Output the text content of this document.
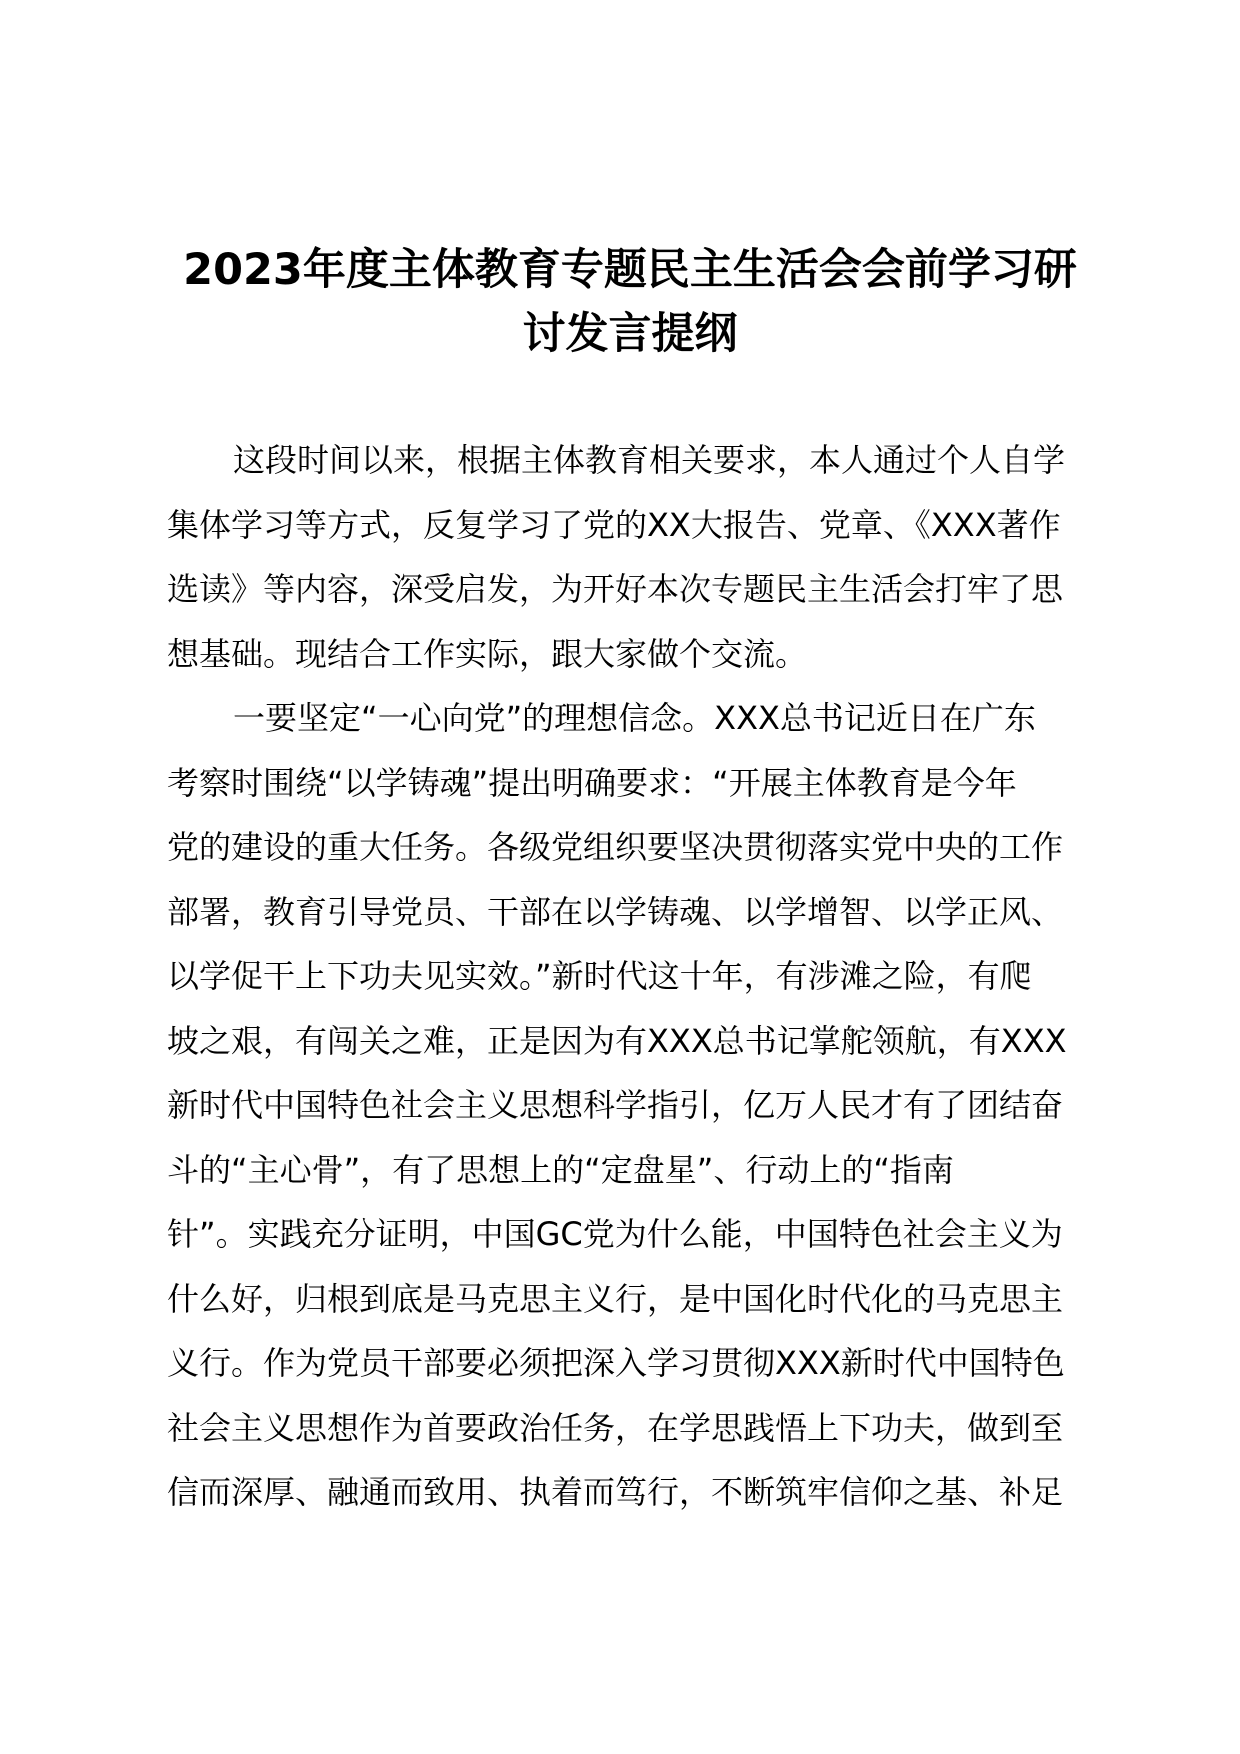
2023年度主体教育专题民主生活会会前学习研
讨发言提纲
这段时间以来，根据主体教育相关要求，本人通过个人自学
集体学习等方式，反复学习了党的XX大报告、党章、《XXX著作
选读》等内容，深受启发，为开好本次专题民主生活会打牢了思
想基础。现结合工作实际，跟大家做个交流。
一要坚定“一心向党”的理想信念。XXX总书记近日在广东
考察时围绕“以学铸魂”提出明确要求：“开展主体教育是今年
党的建设的重大任务。各级党组织要坚决贯彻落实党中央的工作
部署，教育引导党员、干部在以学铸魂、以学增智、以学正风、
以学促干上下功夫见实效。”新时代这十年，有涉滩之险，有爬
坡之艰，有闯关之难，正是因为有XXX总书记掌舵领航，有XXX
新时代中国特色社会主义思想科学指引，亿万人民才有了团结奋
斗的“主心骨”，有了思想上的“定盘星”、行动上的“指南
针”。实践充分证明，中国GC党为什么能，中国特色社会主义为
什么好，归根到底是马克思主义行，是中国化时代化的马克思主
义行。作为党员干部要必须把深入学习贯彻XXX新时代中国特色
社会主义思想作为首要政治任务，在学思践悟上下功夫，做到至
信而深厚、融通而致用、执着而笃行，不断筑牢信仰之基、补足
